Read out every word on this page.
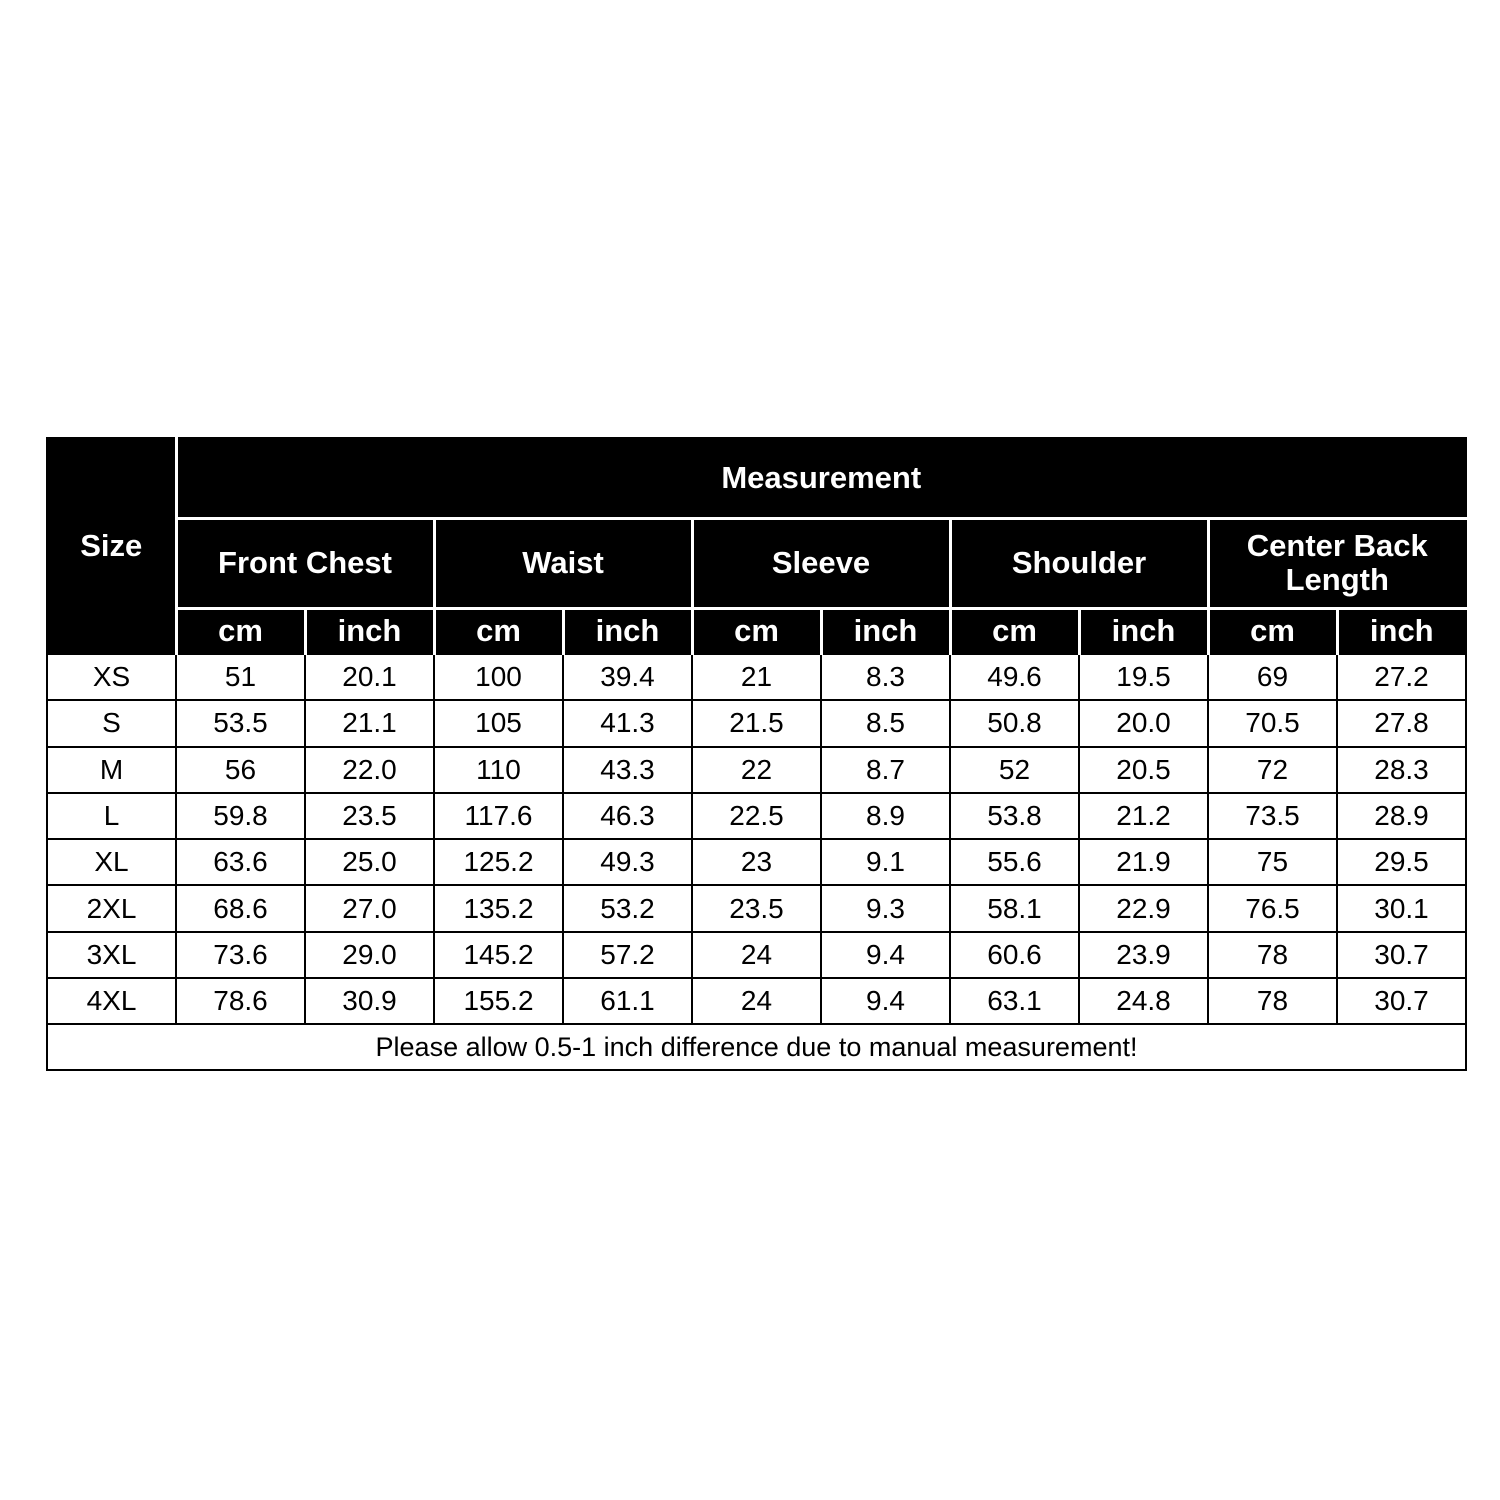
Size	Measurement									
	Front Chest		Waist		Sleeve		Shoulder		Center Back
Length	
	cm	inch	cm	inch	cm	inch	cm	inch	cm	inch
XS	51	20.1	100	39.4	21	8.3	49.6	19.5	69	27.2
S	53.5	21.1	105	41.3	21.5	8.5	50.8	20.0	70.5	27.8
M	56	22.0	110	43.3	22	8.7	52	20.5	72	28.3
L	59.8	23.5	117.6	46.3	22.5	8.9	53.8	21.2	73.5	28.9
XL	63.6	25.0	125.2	49.3	23	9.1	55.6	21.9	75	29.5
2XL	68.6	27.0	135.2	53.2	23.5	9.3	58.1	22.9	76.5	30.1
3XL	73.6	29.0	145.2	57.2	24	9.4	60.6	23.9	78	30.7
4XL	78.6	30.9	155.2	61.1	24	9.4	63.1	24.8	78	30.7
Please allow 0.5-1 inch difference due to manual measurement!										
